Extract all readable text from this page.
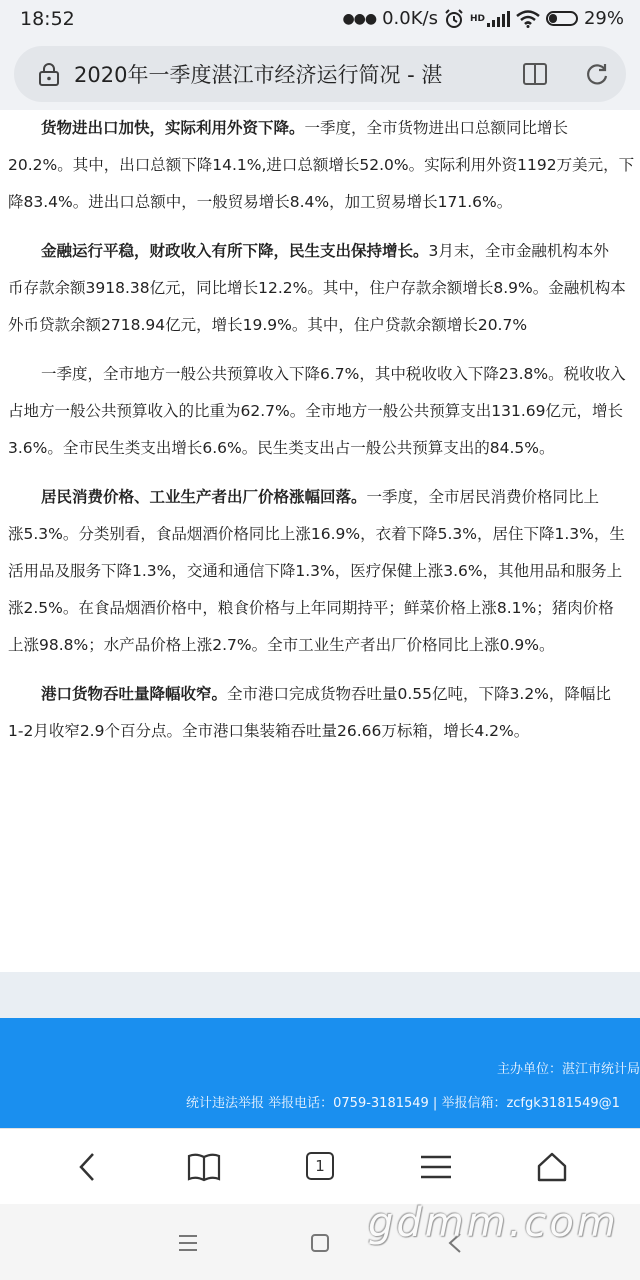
18:52	●●● 0.0K/s	HD	29%
2020年一季度湛江市经济运行简况 - 湛
货物进出口加快，实际利用外资下降。一季度，全市货物进出口总额同比增长
20.2%。其中，出口总额下降14.1%,进口总额增长52.0%。实际利用外资1192万美元，下
降83.4%。进出口总额中，一般贸易增长8.4%，加工贸易增长171.6%。
金融运行平稳，财政收入有所下降，民生支出保持增长。3月末，全市金融机构本外
币存款余额3918.38亿元，同比增长12.2%。其中，住户存款余额增长8.9%。金融机构本
外币贷款余额2718.94亿元，增长19.9%。其中，住户贷款余额增长20.7%
一季度，全市地方一般公共预算收入下降6.7%，其中税收收入下降23.8%。税收收入
占地方一般公共预算收入的比重为62.7%。全市地方一般公共预算支出131.69亿元，增长
3.6%。全市民生类支出增长6.6%。民生类支出占一般公共预算支出的84.5%。
居民消费价格、工业生产者出厂价格涨幅回落。一季度，全市居民消费价格同比上
涨5.3%。分类别看，食品烟酒价格同比上涨16.9%，衣着下降5.3%，居住下降1.3%，生
活用品及服务下降1.3%，交通和通信下降1.3%，医疗保健上涨3.6%，其他用品和服务上
涨2.5%。在食品烟酒价格中，粮食价格与上年同期持平；鲜菜价格上涨8.1%；猪肉价格
上涨98.8%；水产品价格上涨2.7%。全市工业生产者出厂价格同比上涨0.9%。
港口货物吞吐量降幅收窄。全市港口完成货物吞吐量0.55亿吨，下降3.2%，降幅比
1-2月收窄2.9个百分点。全市港口集装箱吞吐量26.66万标箱，增长4.2%。
主办单位：湛江市统计局
统计违法举报 举报电话：0759-3181549 | 举报信箱：zcfgk3181549@1
1
gdmm.com
